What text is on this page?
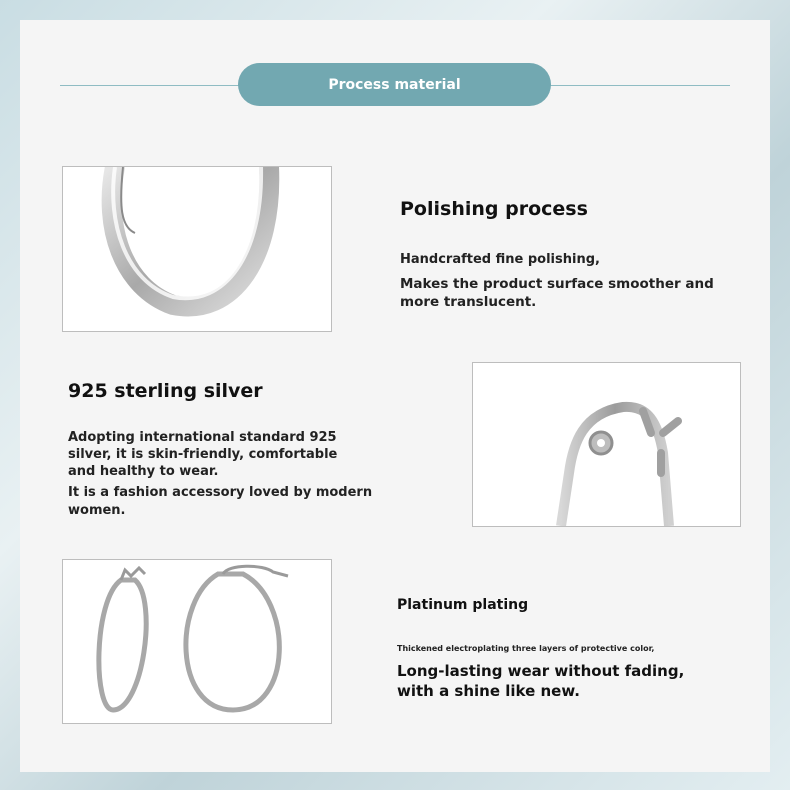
Process material
Polishing process
Handcrafted fine polishing,
Makes the product surface smoother and
more translucent.
925 sterling silver
Adopting international standard 925
silver, it is skin-friendly, comfortable
and healthy to wear.
It is a fashion accessory loved by modern
women.
Platinum plating
Thickened electroplating three layers of protective color,
Long-lasting wear without fading,
with a shine like new.
